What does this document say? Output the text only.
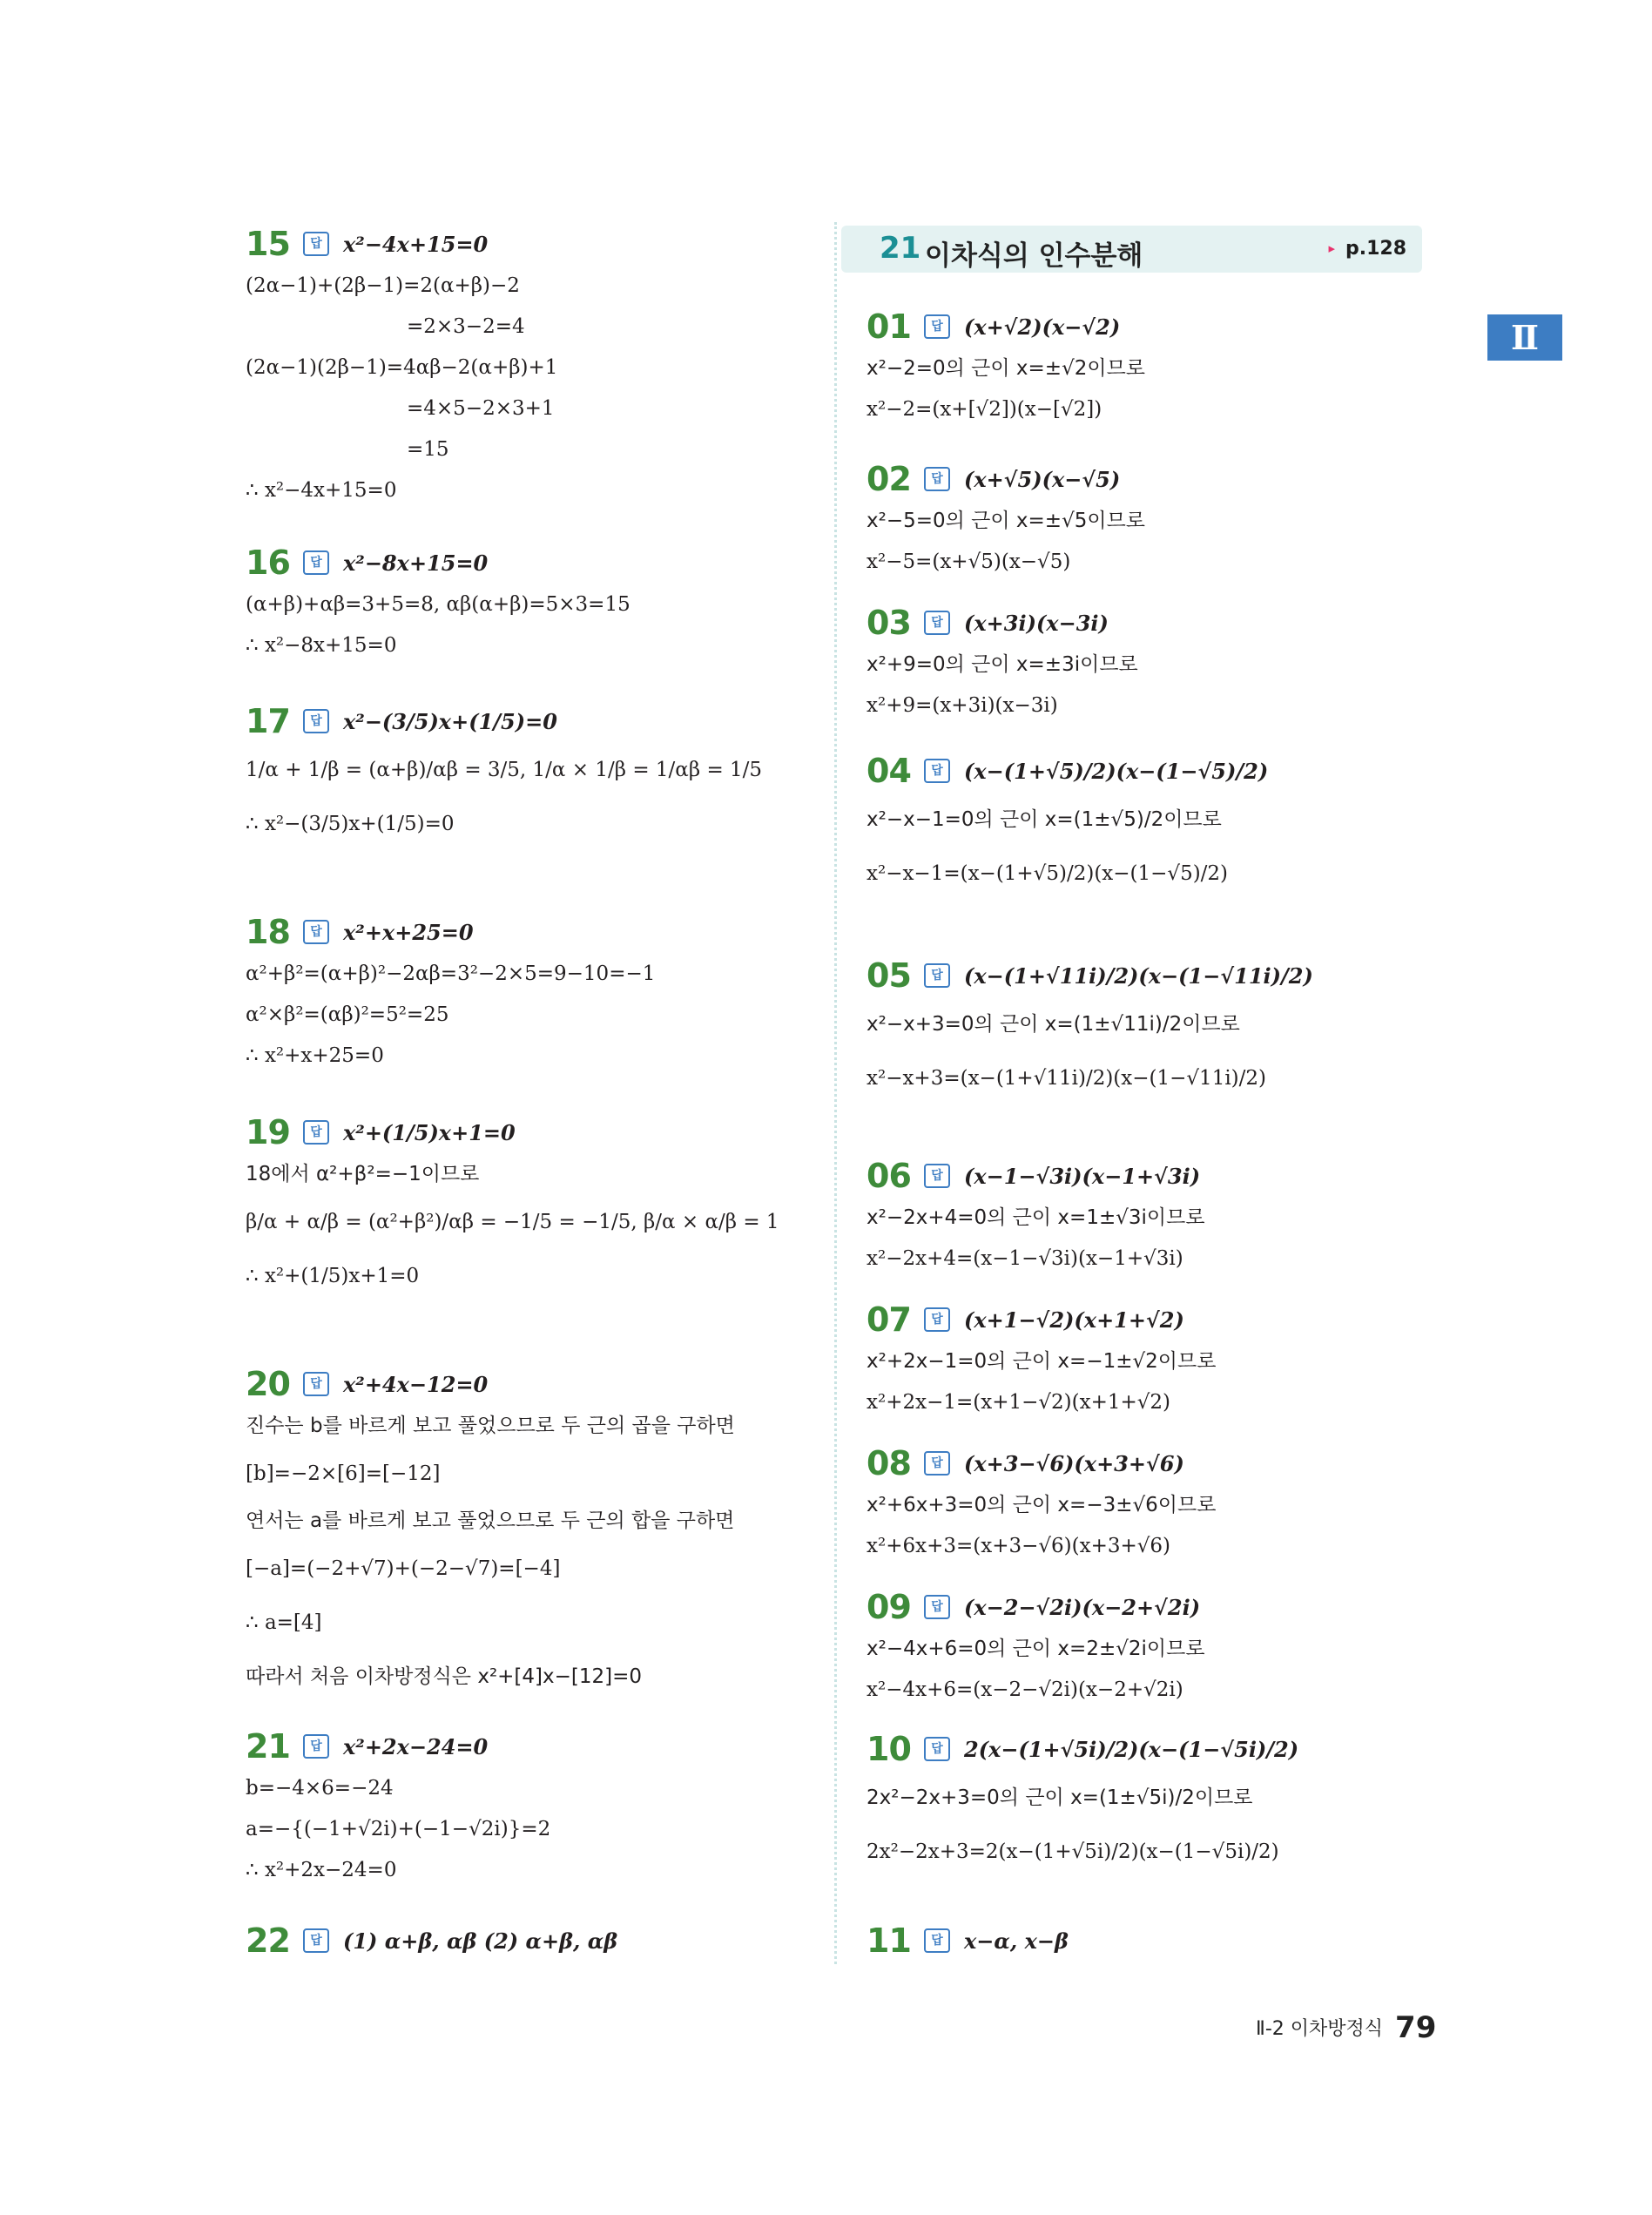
21 이차식의 인수분해	▸ p.128
Ⅱ
15	답	x²−4x+15=0
(2α−1)+(2β−1)=2(α+β)−2
=2×3−2=4
(2α−1)(2β−1)=4αβ−2(α+β)+1
=4×5−2×3+1
=15
∴ x²−4x+15=0
16	답	x²−8x+15=0
(α+β)+αβ=3+5=8, αβ(α+β)=5×3=15
∴ x²−8x+15=0
17	답	x²−(3/5)x+(1/5)=0
1/α + 1/β = (α+β)/αβ = 3/5, 1/α × 1/β = 1/αβ = 1/5
∴ x²−(3/5)x+(1/5)=0
18	답	x²+x+25=0
α²+β²=(α+β)²−2αβ=3²−2×5=9−10=−1
α²×β²=(αβ)²=5²=25
∴ x²+x+25=0
19	답	x²+(1/5)x+1=0
18에서 α²+β²=−1이므로
β/α + α/β = (α²+β²)/αβ = −1/5 = −1/5, β/α × α/β = 1
∴ x²+(1/5)x+1=0
20	답	x²+4x−12=0
진수는 b를 바르게 보고 풀었으므로 두 근의 곱을 구하면
[b]=−2×[6]=[−12]
연서는 a를 바르게 보고 풀었으므로 두 근의 합을 구하면
[−a]=(−2+√7)+(−2−√7)=[−4]
∴ a=[4]
따라서 처음 이차방정식은 x²+[4]x−[12]=0
21	답	x²+2x−24=0
b=−4×6=−24
a=−{(−1+√2i)+(−1−√2i)}=2
∴ x²+2x−24=0
22	답	(1) α+β, αβ (2) α+β, αβ
01	답	(x+√2)(x−√2)
x²−2=0의 근이 x=±√2이므로
x²−2=(x+[√2])(x−[√2])
02	답	(x+√5)(x−√5)
x²−5=0의 근이 x=±√5이므로
x²−5=(x+√5)(x−√5)
03	답	(x+3i)(x−3i)
x²+9=0의 근이 x=±3i이므로
x²+9=(x+3i)(x−3i)
04	답	(x−(1+√5)/2)(x−(1−√5)/2)
x²−x−1=0의 근이 x=(1±√5)/2이므로
x²−x−1=(x−(1+√5)/2)(x−(1−√5)/2)
05	답	(x−(1+√11i)/2)(x−(1−√11i)/2)
x²−x+3=0의 근이 x=(1±√11i)/2이므로
x²−x+3=(x−(1+√11i)/2)(x−(1−√11i)/2)
06	답	(x−1−√3i)(x−1+√3i)
x²−2x+4=0의 근이 x=1±√3i이므로
x²−2x+4=(x−1−√3i)(x−1+√3i)
07	답	(x+1−√2)(x+1+√2)
x²+2x−1=0의 근이 x=−1±√2이므로
x²+2x−1=(x+1−√2)(x+1+√2)
08	답	(x+3−√6)(x+3+√6)
x²+6x+3=0의 근이 x=−3±√6이므로
x²+6x+3=(x+3−√6)(x+3+√6)
09	답	(x−2−√2i)(x−2+√2i)
x²−4x+6=0의 근이 x=2±√2i이므로
x²−4x+6=(x−2−√2i)(x−2+√2i)
10	답	2(x−(1+√5i)/2)(x−(1−√5i)/2)
2x²−2x+3=0의 근이 x=(1±√5i)/2이므로
2x²−2x+3=2(x−(1+√5i)/2)(x−(1−√5i)/2)
11	답	x−α, x−β
Ⅱ-2 이차방정식 79
